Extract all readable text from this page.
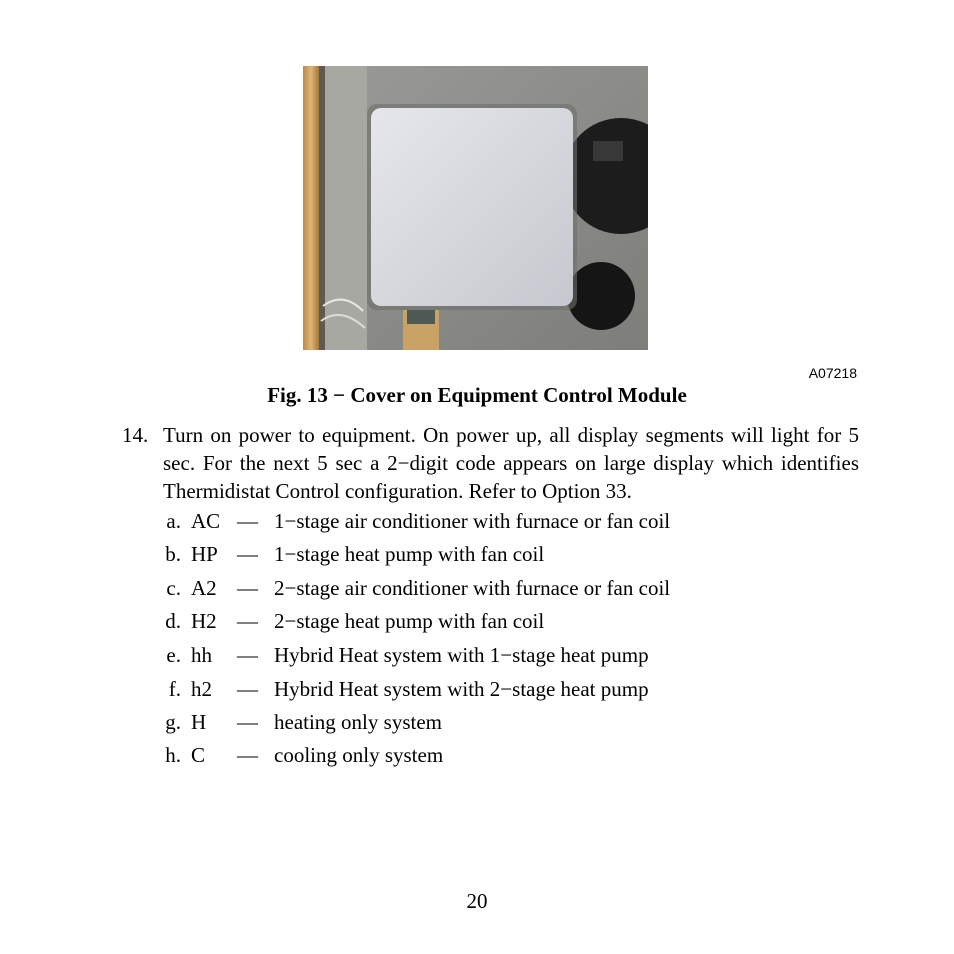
A07218
Fig. 13 − Cover on Equipment Control Module
14. Turn on power to equipment. On power up, all display segments will light for 5 sec. For the next 5 sec a 2−digit code appears on large display which identifies Thermidistat Control configuration. Refer to Option 33.
a. AC — 1−stage air conditioner with furnace or fan coil
b. HP — 1−stage heat pump with fan coil
c. A2 — 2−stage air conditioner with furnace or fan coil
d. H2 — 2−stage heat pump with fan coil
e. hh — Hybrid Heat system with 1−stage heat pump
f. h2 — Hybrid Heat system with 2−stage heat pump
g. H — heating only system
h. C — cooling only system
20
